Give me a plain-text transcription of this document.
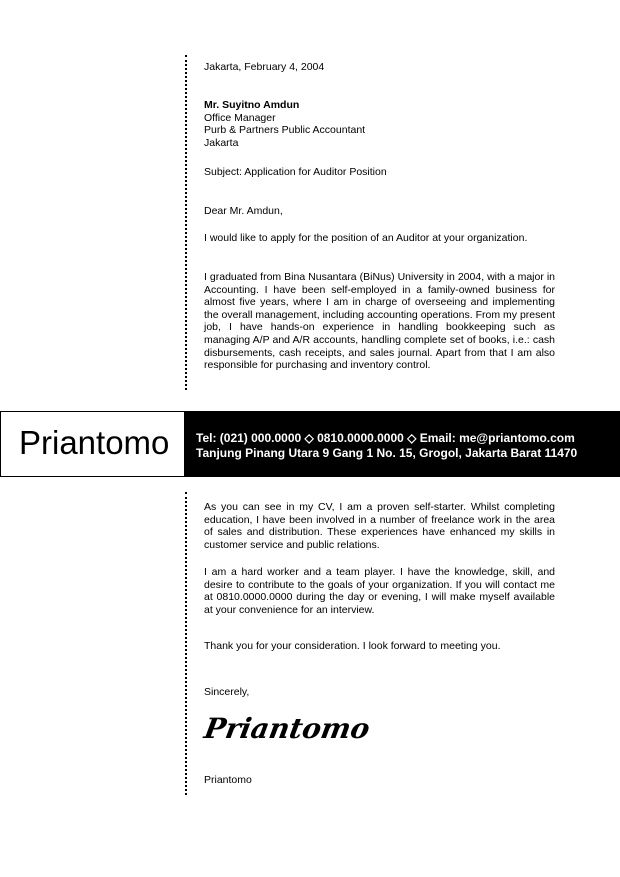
Jakarta, February 4, 2004
Mr. Suyitno Amdun
Office Manager
Purb & Partners Public Accountant
Jakarta
Subject: Application for Auditor Position
Dear Mr. Amdun,

I would like to apply for the position of an Auditor at your organization.

I graduated from Bina Nusantara (BiNus) University in 2004, with a major in Accounting. I have been self-employed in a family-owned business for almost five years, where I am in charge of overseeing and implementing the overall management, including accounting operations. From my present job, I have hands-on experience in handling bookkeeping such as managing A/P and A/R accounts, handling complete set of books, i.e.: cash disbursements, cash receipts, and sales journal. Apart from that I am also responsible for purchasing and inventory control.

Priantomo Tel: (021) 000.0000 ◇ 0810.0000.0000 ◇ Email: me@priantomo.com
Tanjung Pinang Utara 9 Gang 1 No. 15, Grogol, Jakarta Barat 11470

As you can see in my CV, I am a proven self-starter. Whilst completing education, I have been involved in a number of freelance work in the area of sales and distribution. These experiences have enhanced my skills in customer service and public relations.

I am a hard worker and a team player. I have the knowledge, skill, and desire to contribute to the goals of your organization. If you will contact me at 0810.0000.0000 during the day or evening, I will make myself available at your convenience for an interview.

Thank you for your consideration. I look forward to meeting you.

Sincerely,
Priantomo
Priantomo
